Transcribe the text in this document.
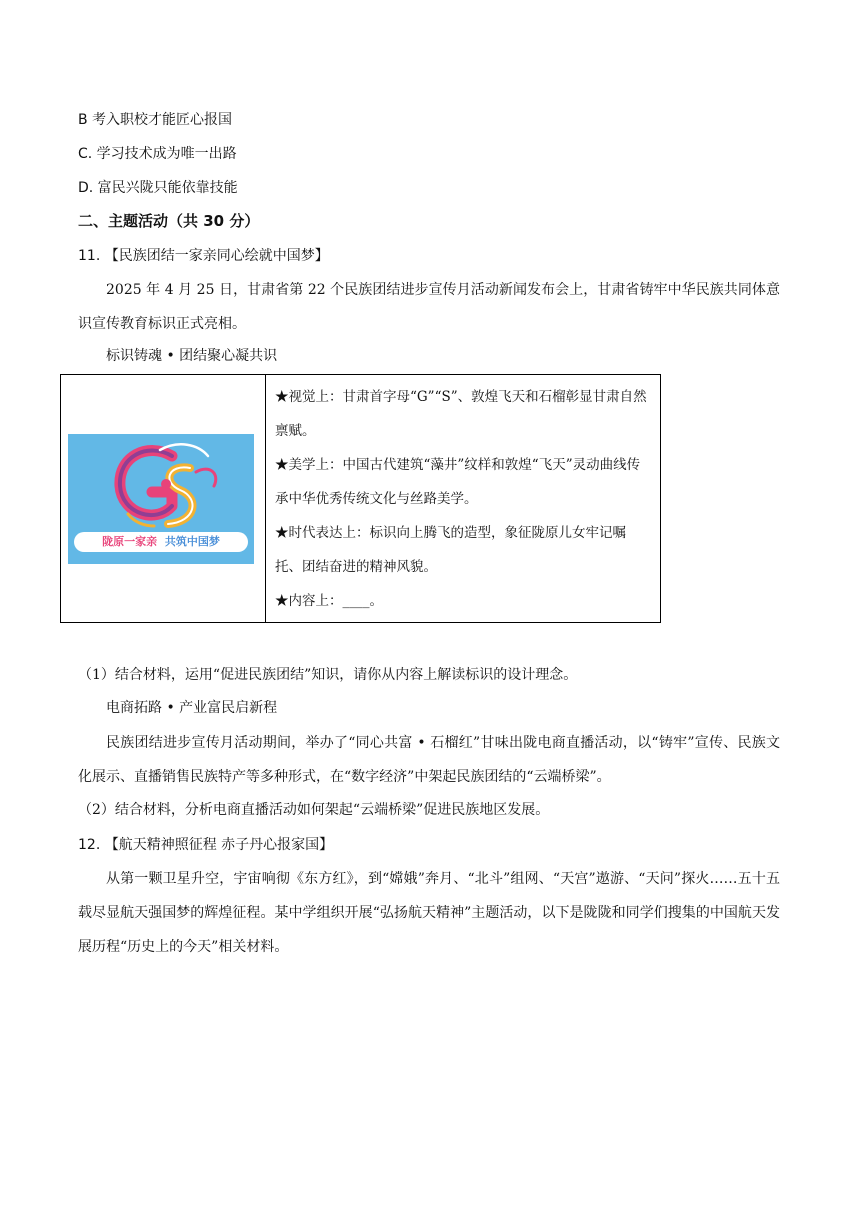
B 考入职校才能匠心报国
C. 学习技术成为唯一出路
D. 富民兴陇只能依靠技能
二、主题活动（共 30 分）
11. 【民族团结一家亲同心绘就中国梦】
2025 年 4 月 25 日，甘肃省第 22 个民族团结进步宣传月活动新闻发布会上，甘肃省铸牢中华民族共同体意识宣传教育标识正式亮相。
标识铸魂 • 团结聚心凝共识
陇原一家亲 共筑中国梦

★视觉上：甘肃首字母“G”“S”、敦煌飞天和石榴彰显甘肃自然禀赋。
★美学上：中国古代建筑“藻井”纹样和敦煌“飞天”灵动曲线传承中华优秀传统文化与丝路美学。
★时代表达上：标识向上腾飞的造型，象征陇原儿女牢记嘱托、团结奋进的精神风貌。
★内容上：____。
（1）结合材料，运用“促进民族团结”知识，请你从内容上解读标识的设计理念。
电商拓路 • 产业富民启新程
民族团结进步宣传月活动期间，举办了“同心共富 • 石榴红”甘味出陇电商直播活动，以“铸牢”宣传、民族文化展示、直播销售民族特产等多种形式，在“数字经济”中架起民族团结的“云端桥梁”。
（2）结合材料，分析电商直播活动如何架起“云端桥梁”促进民族地区发展。
12. 【航天精神照征程 赤子丹心报家国】
从第一颗卫星升空，宇宙响彻《东方红》，到“嫦娥”奔月、“北斗”组网、“天宫”遨游、“天问”探火……五十五载尽显航天强国梦的辉煌征程。某中学组织开展“弘扬航天精神”主题活动，以下是陇陇和同学们搜集的中国航天发展历程“历史上的今天”相关材料。
